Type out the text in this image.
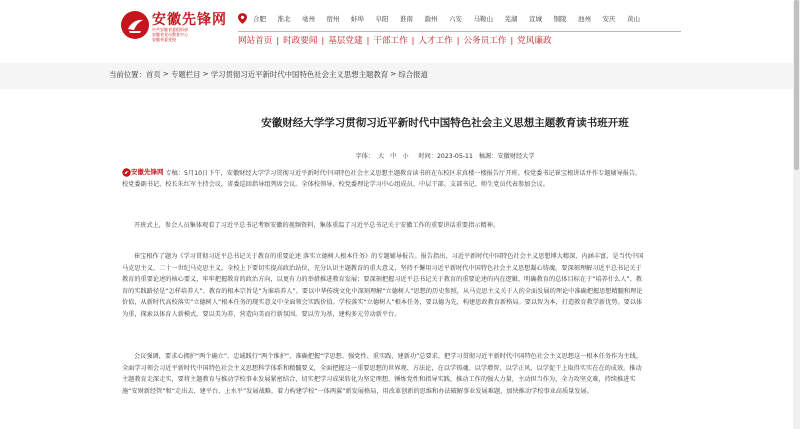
安徽先锋网
中共安徽省委组织部
安徽省党员教育中心
安徽省委党校
合肥 淮北 亳州 宿州 蚌埠 阜阳 淮南 滁州 六安 马鞍山 芜湖 宣城 铜陵 池州 安庆 黄山
网站首页 | 时政要闻 | 基层党建 | 干部工作 | 人才工作 | 公务员工作 | 党风廉政
当前位置： 首页 > 专题栏目 > 学习贯彻习近平新时代中国特色社会主义思想主题教育 > 综合报道
安徽财经大学学习贯彻习近平新时代中国特色社会主义思想主题教育读书班开班
字体： 大 中 小 时间：2023-05-11 稿源：安徽财经大学

安徽先锋网 专稿：5月10日下午，安徽财经大学学习贯彻习近平新时代中国特色社会主义思想主题教育读书班在东校区求真楼一楼报告厅开班。校党委书记崔宝根讲话并作专题辅导报告。校党委副书记、校长朱红军主持会议。省委巡回指导组列席会议。全体校领导、校党委理论学习中心组成员、中层干部、支部书记、师生党员代表参加会议。

开班式上，参会人员集体观看了习近平总书记考察安徽的视频资料，集体重温了习近平总书记关于安徽工作的重要讲话重要指示精神。

崔宝根作了题为《学习贯彻习近平总书记关于教育的重要论述 落实立德树人根本任务》的专题辅导报告。报告指出，习近平新时代中国特色社会主义思想博大精深、内涵丰富，是当代中国马克思主义、二十一世纪马克思主义。全校上下要切实提高政治站位，充分认识主题教育的重大意义，坚持不懈用习近平新时代中国特色社会主义思想凝心铸魂。要深刻理解习近平总书记关于教育的重要论述的核心要义，牢牢把握教育的政治方向，以更有力的举措推进教育发展；要深刻把握习近平总书记关于教育的重要论述的内在逻辑，明确教育的总体目标在于“培养什么人”、教育的实践路径是“怎样培养人”、教育的根本宗旨是“为谁培养人”。要以中华传统文化中深刻理解“立德树人”思想的历史参照，从马克思主义关于人的全面发展的理论中准确把握思想精髓和理论价值，从新时代高校落实“立德树人”根本任务的现实意义中全面领会实践价值。学校落实“立德树人”根本任务，要以德为先，构建思政教育新格局。要以智为本，打造教育教学新优势。要以体为重，探索以体育人新模式。要以美为养，营造向美而行新氛围。要以劳为基，建构多元劳动新平台。

会议强调，要求心拥护“两个确立”、忠诚践行“两个维护”，准确把握“学思想、强党性、重实践、建新功”总要求，把学习贯彻习近平新时代中国特色社会主义思想这一根本任务作为主线，全面学习领会习近平新时代中国特色社会主义思想科学体系和精髓要义，全面把握这一重要思想的世界观、方法论，在以学铸魂、以学增智、以学正风、以学促干上取得实实在在的成效。推动主题教育走深走实，要将主题教育与推动学校事业发展紧密结合，切实把学习成果转化为坚定理想、锤炼党性和指导实践、推动工作的强大力量，主动担当作为，全力攻坚克难，持续推进实施“安财新经管”和“走出去、建平台、上水平”发展战略，着力构建学校“一体两翼”新发展格局，用改革创新的思维和办法破解事业发展难题，加快推动学校事业高质量发展。
